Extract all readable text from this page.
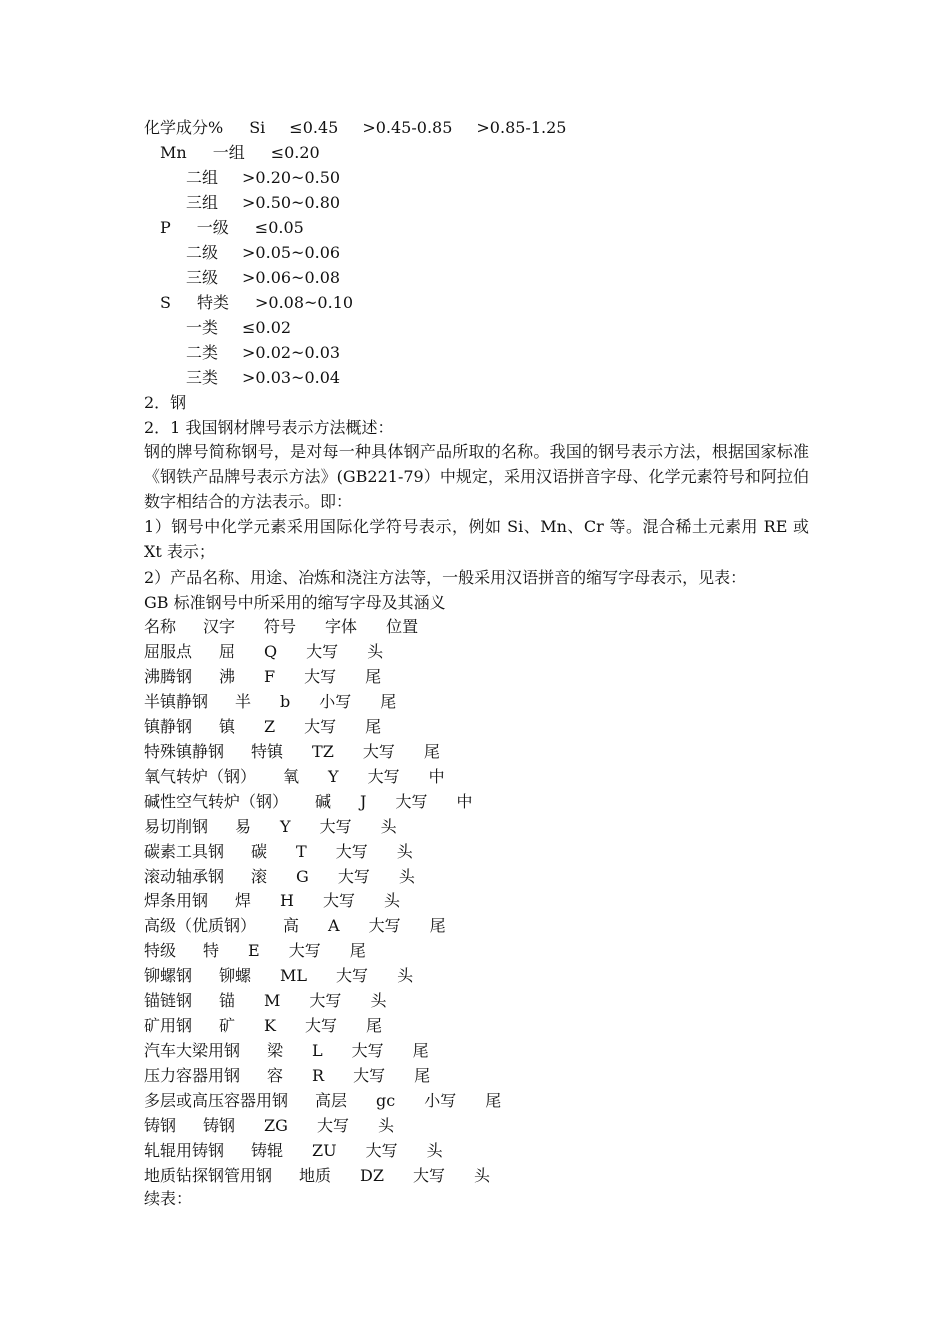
化学成分% Si ≤0.45 >0.45-0.85 >0.85-1.25
Mn 一组 ≤0.20
二组 >0.20~0.50
三组 >0.50~0.80
P 一级 ≤0.05
二级 >0.05~0.06
三级 >0.06~0.08
S 特类 >0.08~0.10
一类 ≤0.02
二类 >0.02~0.03
三类 >0.03~0.04
2．钢
2．1 我国钢材牌号表示方法概述：
钢的牌号简称钢号，是对每一种具体钢产品所取的名称。我国的钢号表示方法，根据国家标准《钢铁产品牌号表示方法》(GB221-79）中规定，采用汉语拼音字母、化学元素符号和阿拉伯数字相结合的方法表示。即：
1）钢号中化学元素采用国际化学符号表示，例如 Si、Mn、Cr 等。混合稀土元素用 RE 或 Xt 表示；
2）产品名称、用途、冶炼和浇注方法等，一般采用汉语拼音的缩写字母表示，见表：
GB 标准钢号中所采用的缩写字母及其涵义
名称 汉字 符号 字体 位置
屈服点 屈 Q 大写 头
沸腾钢 沸 F 大写 尾
半镇静钢 半 b 小写 尾
镇静钢 镇 Z 大写 尾
特殊镇静钢 特镇 TZ 大写 尾
氧气转炉（钢） 氧 Y 大写 中
碱性空气转炉（钢） 碱 J 大写 中
易切削钢 易 Y 大写 头
碳素工具钢 碳 T 大写 头
滚动轴承钢 滚 G 大写 头
焊条用钢 焊 H 大写 头
高级（优质钢） 高 A 大写 尾
特级 特 E 大写 尾
铆螺钢 铆螺 ML 大写 头
锚链钢 锚 M 大写 头
矿用钢 矿 K 大写 尾
汽车大梁用钢 梁 L 大写 尾
压力容器用钢 容 R 大写 尾
多层或高压容器用钢 高层 gc 小写 尾
铸钢 铸钢 ZG 大写 头
轧辊用铸钢 铸辊 ZU 大写 头
地质钻探钢管用钢 地质 DZ 大写 头
续表：
